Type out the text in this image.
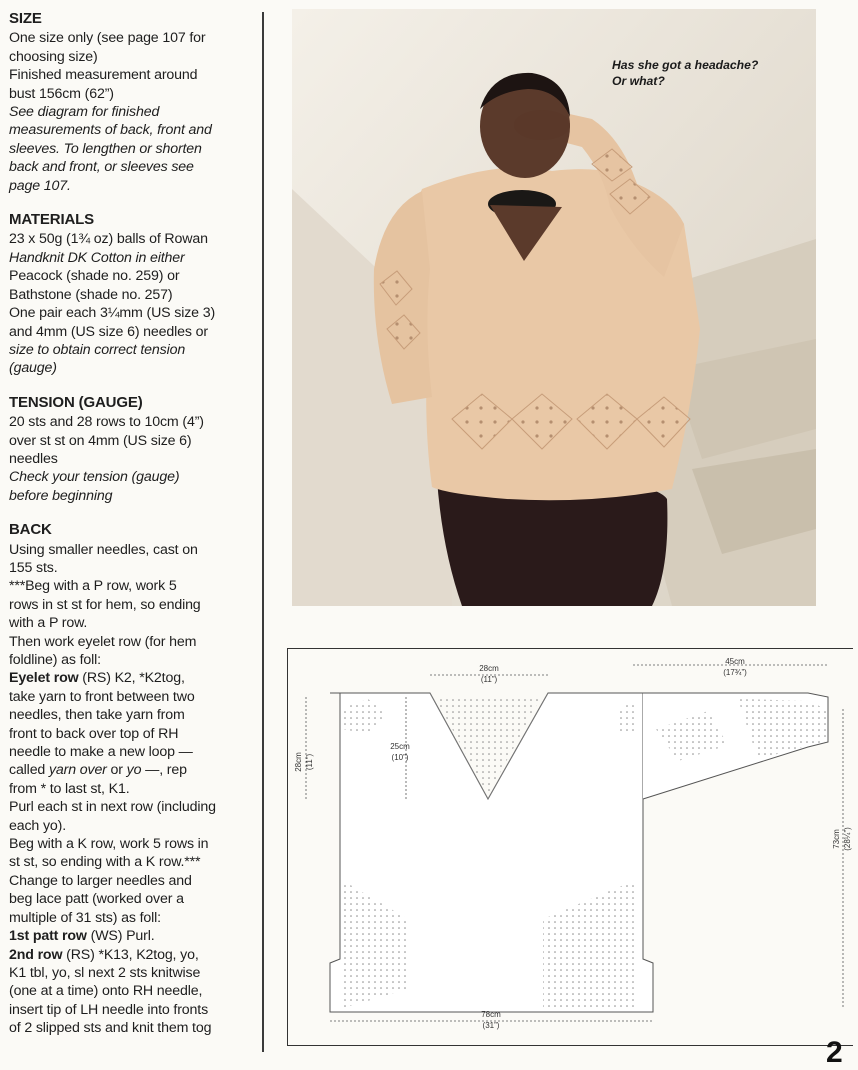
SIZE
One size only (see page 107 for
choosing size)
Finished measurement around
bust 156cm (62”)
See diagram for finished
measurements of back, front and
sleeves. To lengthen or shorten
back and front, or sleeves see
page 107.
MATERIALS
23 x 50g (1¾ oz) balls of Rowan
Handknit DK Cotton in either
Peacock (shade no. 259) or
Bathstone (shade no. 257)
One pair each 3¼mm (US size 3)
and 4mm (US size 6) needles or
size to obtain correct tension
(gauge)
TENSION (GAUGE)
20 sts and 28 rows to 10cm (4”)
over st st on 4mm (US size 6)
needles
Check your tension (gauge)
before beginning
BACK
Using smaller needles, cast on
155 sts.
***Beg with a P row, work 5
rows in st st for hem, so ending
with a P row.
Then work eyelet row (for hem
foldline) as foll:
Eyelet row (RS) K2, *K2tog,
take yarn to front between two
needles, then take yarn from
front to back over top of RH
needle to make a new loop —
called yarn over or yo —, rep
from * to last st, K1.
Purl each st in next row (including
each yo).
Beg with a K row, work 5 rows in
st st, so ending with a K row.***
Change to larger needles and
beg lace patt (worked over a
multiple of 31 sts) as foll:
1st patt row (WS) Purl.
2nd row (RS) *K13, K2tog, yo,
K1 tbl, yo, sl next 2 sts knitwise
(one at a time) onto RH needle,
insert tip of LH needle into fronts
of 2 slipped sts and knit them tog
Has she got a headache?
Or what?
28cm
(11”)
45cm
(17¾”)
25cm
(10”)
28cm (11”)
73cm (28¼”)
78cm
(31”)
2
